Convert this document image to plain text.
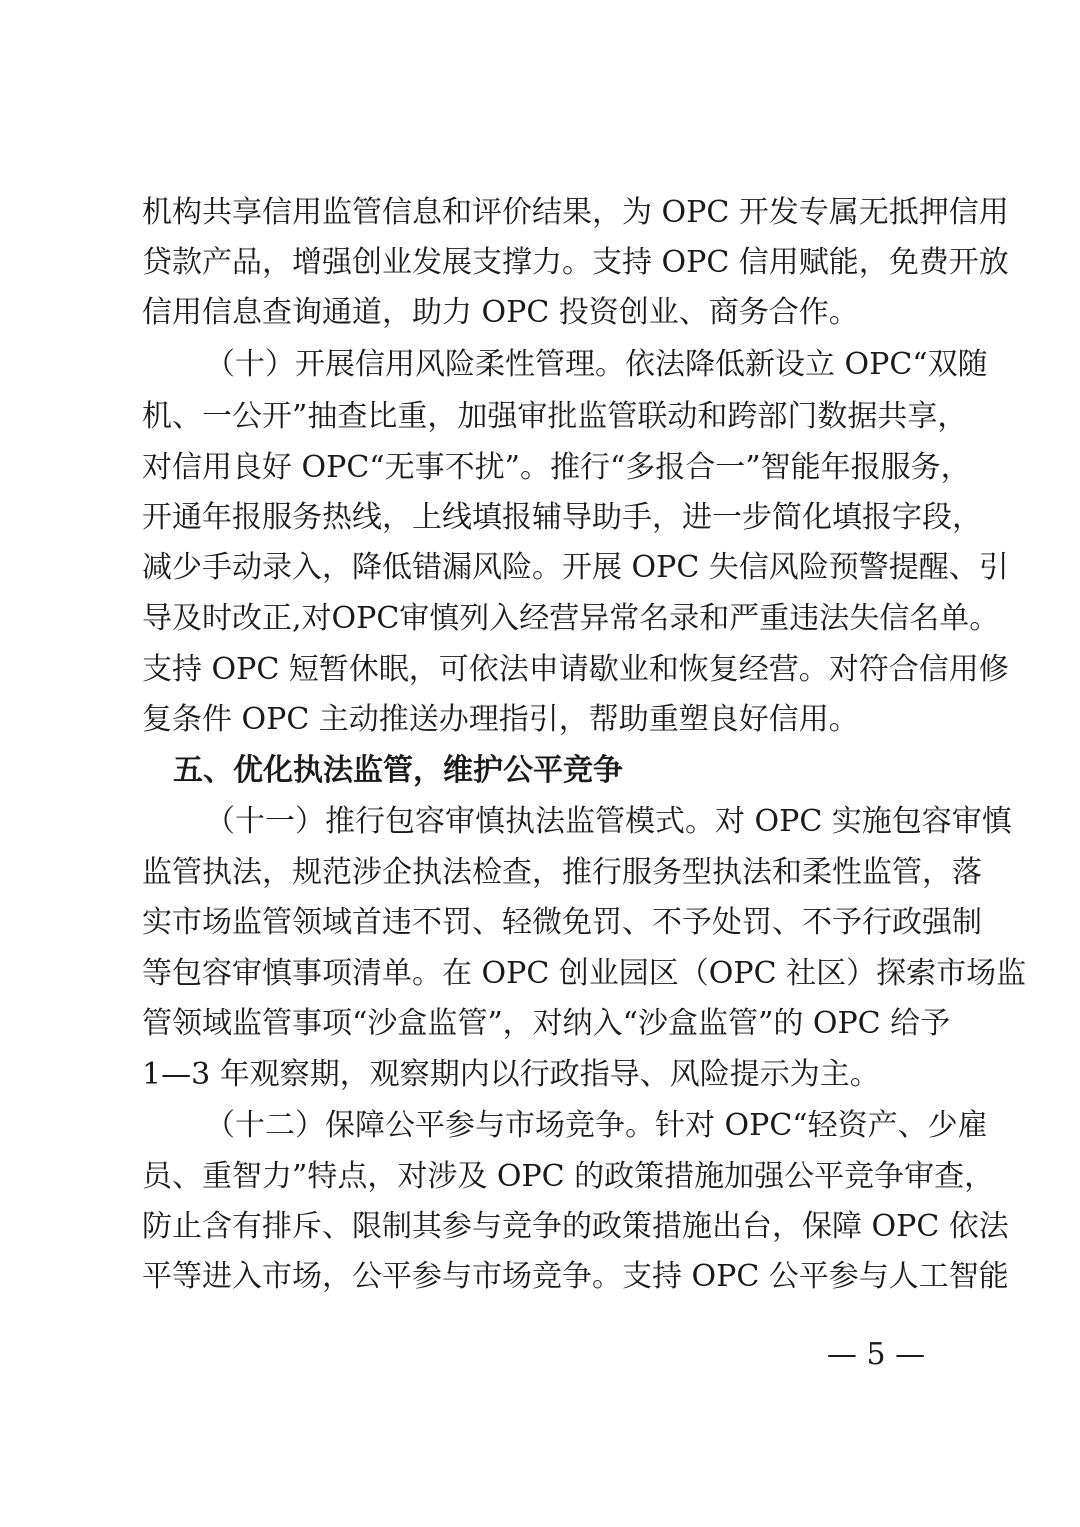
机构共享信用监管信息和评价结果，为 OPC 开发专属无抵押信用
贷款产品，增强创业发展支撑力。支持 OPC 信用赋能，免费开放
信用信息查询通道，助力 OPC 投资创业、商务合作。
（十）开展信用风险柔性管理。依法降低新设立 OPC“双随
机、一公开”抽查比重，加强审批监管联动和跨部门数据共享，
对信用良好 OPC“无事不扰”。推行“多报合一”智能年报服务，
开通年报服务热线，上线填报辅导助手，进一步简化填报字段，
减少手动录入，降低错漏风险。开展 OPC 失信风险预警提醒、引
导及时改正,对OPC审慎列入经营异常名录和严重违法失信名单。
支持 OPC 短暂休眠，可依法申请歇业和恢复经营。对符合信用修
复条件 OPC 主动推送办理指引，帮助重塑良好信用。
五、优化执法监管，维护公平竞争
（十一）推行包容审慎执法监管模式。对 OPC 实施包容审慎
监管执法，规范涉企执法检查，推行服务型执法和柔性监管，落
实市场监管领域首违不罚、轻微免罚、不予处罚、不予行政强制
等包容审慎事项清单。在 OPC 创业园区（OPC 社区）探索市场监
管领域监管事项“沙盒监管”，对纳入“沙盒监管”的 OPC 给予
1—3 年观察期，观察期内以行政指导、风险提示为主。
（十二）保障公平参与市场竞争。针对 OPC“轻资产、少雇
员、重智力”特点，对涉及 OPC 的政策措施加强公平竞争审查，
防止含有排斥、限制其参与竞争的政策措施出台，保障 OPC 依法
平等进入市场，公平参与市场竞争。支持 OPC 公平参与人工智能
— 5 —
